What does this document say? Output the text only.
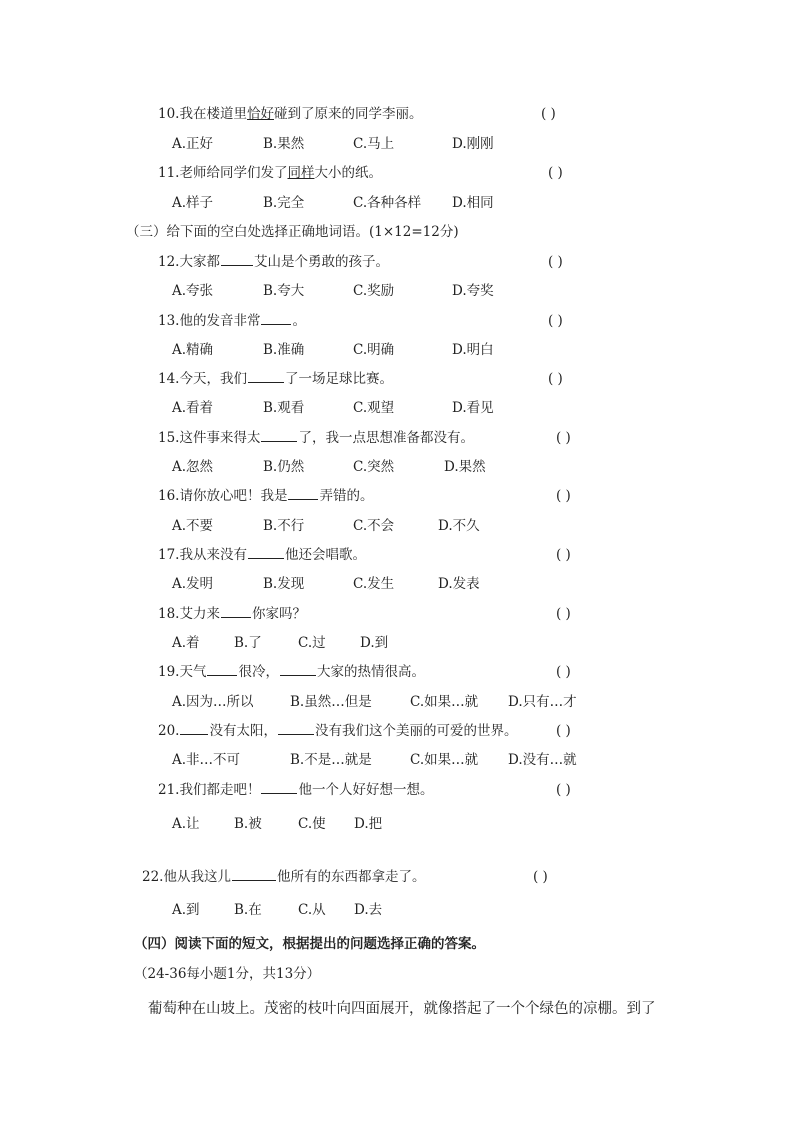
10.我在楼道里恰好碰到了原来的同学李丽。	( )
A.正好	B.果然	C.马上	D.刚刚
11.老师给同学们发了同样大小的纸。	( )
A.样子	B.完全	C.各种各样 D.相同
（三）给下面的空白处选择正确地词语。(1×12=12分)
12.大家都	艾山是个勇敢的孩子。	( )
A.夸张	B.夸大	C.奖励	D.夸奖
13.他的发音非常 。	( )
A.精确	B.准确	C.明确	D.明白
14.今天，我们	了一场足球比赛。	( )
A.看着	B.观看	C.观望	D.看见
15.这件事来得太	了，我一点思想准备都没有。	( )
A.忽然	B.仍然	C.突然	D.果然
16.请你放心吧！我是 弄错的。	( )
A.不要	B.不行	C.不会	D.不久
17.我从来没有	他还会唱歌。	( )
A.发明	B.发现	C.发生	D.发表
18.艾力来 你家吗？	( )
A.着	B.了	C.过	D.到
19.天气 很冷，	大家的热情很高。	( )
A.因为…所以	B.虽然…但是	C.如果…就 D.只有…才
20. 没有太阳，	没有我们这个美丽的可爱的世界。	( )
A.非…不可	B.不是…就是	C.如果…就 D.没有…就
21.我们都走吧！	他一个人好好想一想。	( )
A.让	B.被	C.使 D.把
22.他从我这儿	他所有的东西都拿走了。	( )
A.到	B.在	C.从 D.去
（四）阅读下面的短文，根据提出的问题选择正确的答案。
（24-36每小题1分，共13分）
葡萄种在山坡上。茂密的枝叶向四面展开，就像搭起了一个个绿色的凉棚。到了
